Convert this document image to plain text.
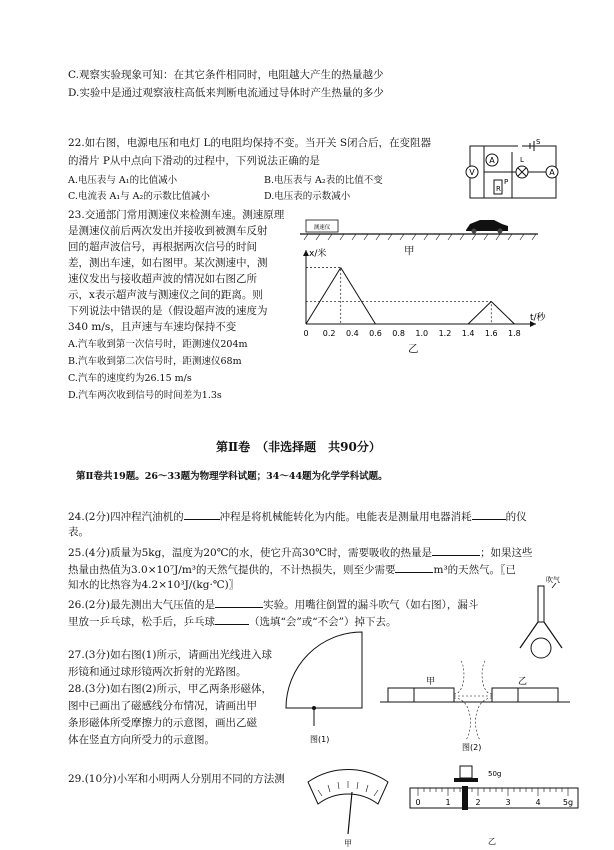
C.观察实验现象可知：在其它条件相同时，电阻越大产生的热量越少
D.实验中是通过观察液柱高低来判断电流通过导体时产生热量的多少
22.如右图，电源电压和电灯 L的电阻均保持不变。当开关 S闭合后，在变阻器
的滑片 P从中点向下滑动的过程中，下列说法正确的是
A.电压表与 A₁的比值减小	B.电压表与 A₂表的比值不变
C.电流表 A₁与 A₂的示数比值减小	D.电压表的示数减小
V
A	L
A
R
P
S
23.交通部门常用测速仪来检测车速。测速原理
是测速仪前后两次发出并接收到被测车反射
回的超声波信号，再根据两次信号的时间
差，测出车速，如右图甲。某次测速中，测
速仪发出与接收超声波的情况如右图乙所
示，x表示超声波与测速仪之间的距离。则
下列说法中错误的是（假设超声波的速度为
340 m/s，且声速与车速均保持不变
A.汽车收到第一次信号时，距测速仪204m
B.汽车收到第二次信号时，距测速仪68m
C.汽车的速度约为26.15 m/s
D.汽车两次收到信号的时间差为1.3s
测速仪
甲
x/米
t/秒
0 0.2 0.4 0.6 0.8 1.0 1.2 1.4 1.6 1.8
乙
第Ⅱ卷　（非选择题　共90分）
第Ⅱ卷共19题。26～33题为物理学科试题；34～44题为化学学科试题。
24.(2分)四冲程汽油机的	冲程是将机械能转化为内能。电能表是测量用电器消耗	的仪
表。
25.(4分)质量为5kg，温度为20℃的水，使它升高30℃时，需要吸收的热量是	；如果这些
热量由热值为3.0×10⁷J/m³的天然气提供的，不计热损失，则至少需要	m³的天然气。〖已
知水的比热容为4.2×10³J/(kg·℃)〗
26.(2分)最先测出大气压值的是	实验。用嘴往倒置的漏斗吹气（如右图），漏斗
里放一乒乓球，松手后，乒乓球	（选填“会”或“不会”）掉下去。
吹气
27.(3分)如右图(1)所示，请画出光线进入球
形镜和通过球形镜两次折射的光路图。
28.(3分)如右图(2)所示，甲乙两条形磁体，
图中已画出了磁感线分布情况，请画出甲
条形磁体所受摩擦力的示意图，画出乙磁
体在竖直方向所受力的示意图。	图(1)
甲	乙
图(2)
29.(10分)小军和小明两人分别用不同的方法测
甲
50g
0	1	2	3	4	5g
乙
